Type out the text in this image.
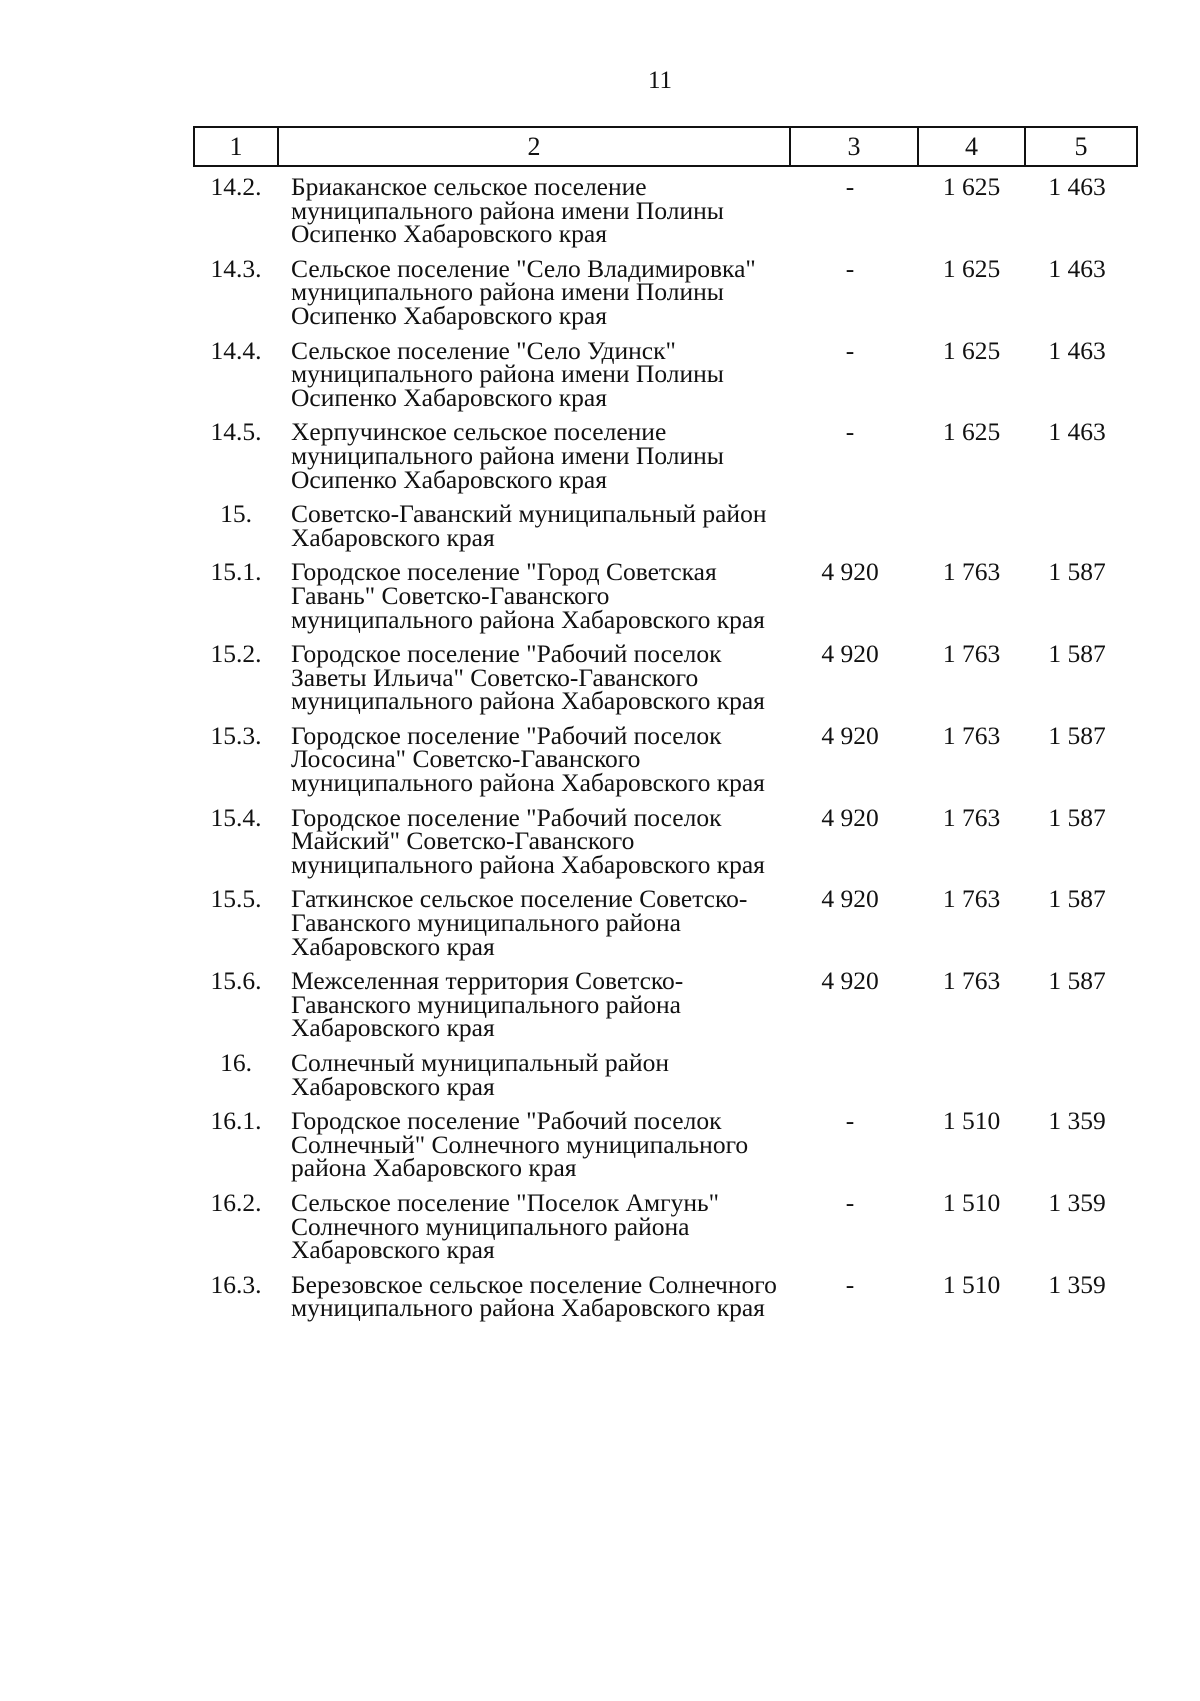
11
1	2	3	4	5
14.2.	Бриаканское сельское поселение муниципального района имени Полины Осипенко Хабаровского края	-	1 625	1 463
14.3.	Сельское поселение "Село Владимировка" муниципального района имени Полины Осипенко Хабаровского края	-	1 625	1 463
14.4.	Сельское поселение "Село Удинск" муниципального района имени Полины Осипенко Хабаровского края	-	1 625	1 463
14.5.	Херпучинское сельское поселение муниципального района имени Полины Осипенко Хабаровского края	-	1 625	1 463
15.	Советско-Гаванский муниципальный район Хабаровского края			
15.1.	Городское поселение "Город Советская Гавань" Советско-Гаванского муниципального района Хабаровского края	4 920	1 763	1 587
15.2.	Городское поселение "Рабочий поселок Заветы Ильича" Советско-Гаванского муниципального района Хабаровского края	4 920	1 763	1 587
15.3.	Городское поселение "Рабочий поселок Лососина" Советско-Гаванского муниципального района Хабаровского края	4 920	1 763	1 587
15.4.	Городское поселение "Рабочий поселок Майский" Советско-Гаванского муниципального района Хабаровского края	4 920	1 763	1 587
15.5.	Гаткинское сельское поселение Советско-Гаванского муниципального района Хабаровского края	4 920	1 763	1 587
15.6.	Межселенная территория Советско-Гаванского муниципального района Хабаровского края	4 920	1 763	1 587
16.	Солнечный муниципальный район Хабаровского края			
16.1.	Городское поселение "Рабочий поселок Солнечный" Солнечного муниципального района Хабаровского края	-	1 510	1 359
16.2.	Сельское поселение "Поселок Амгунь" Солнечного муниципального района Хабаровского края	-	1 510	1 359
16.3.	Березовское сельское поселение Солнечного муниципального района Хабаровского края	-	1 510	1 359
